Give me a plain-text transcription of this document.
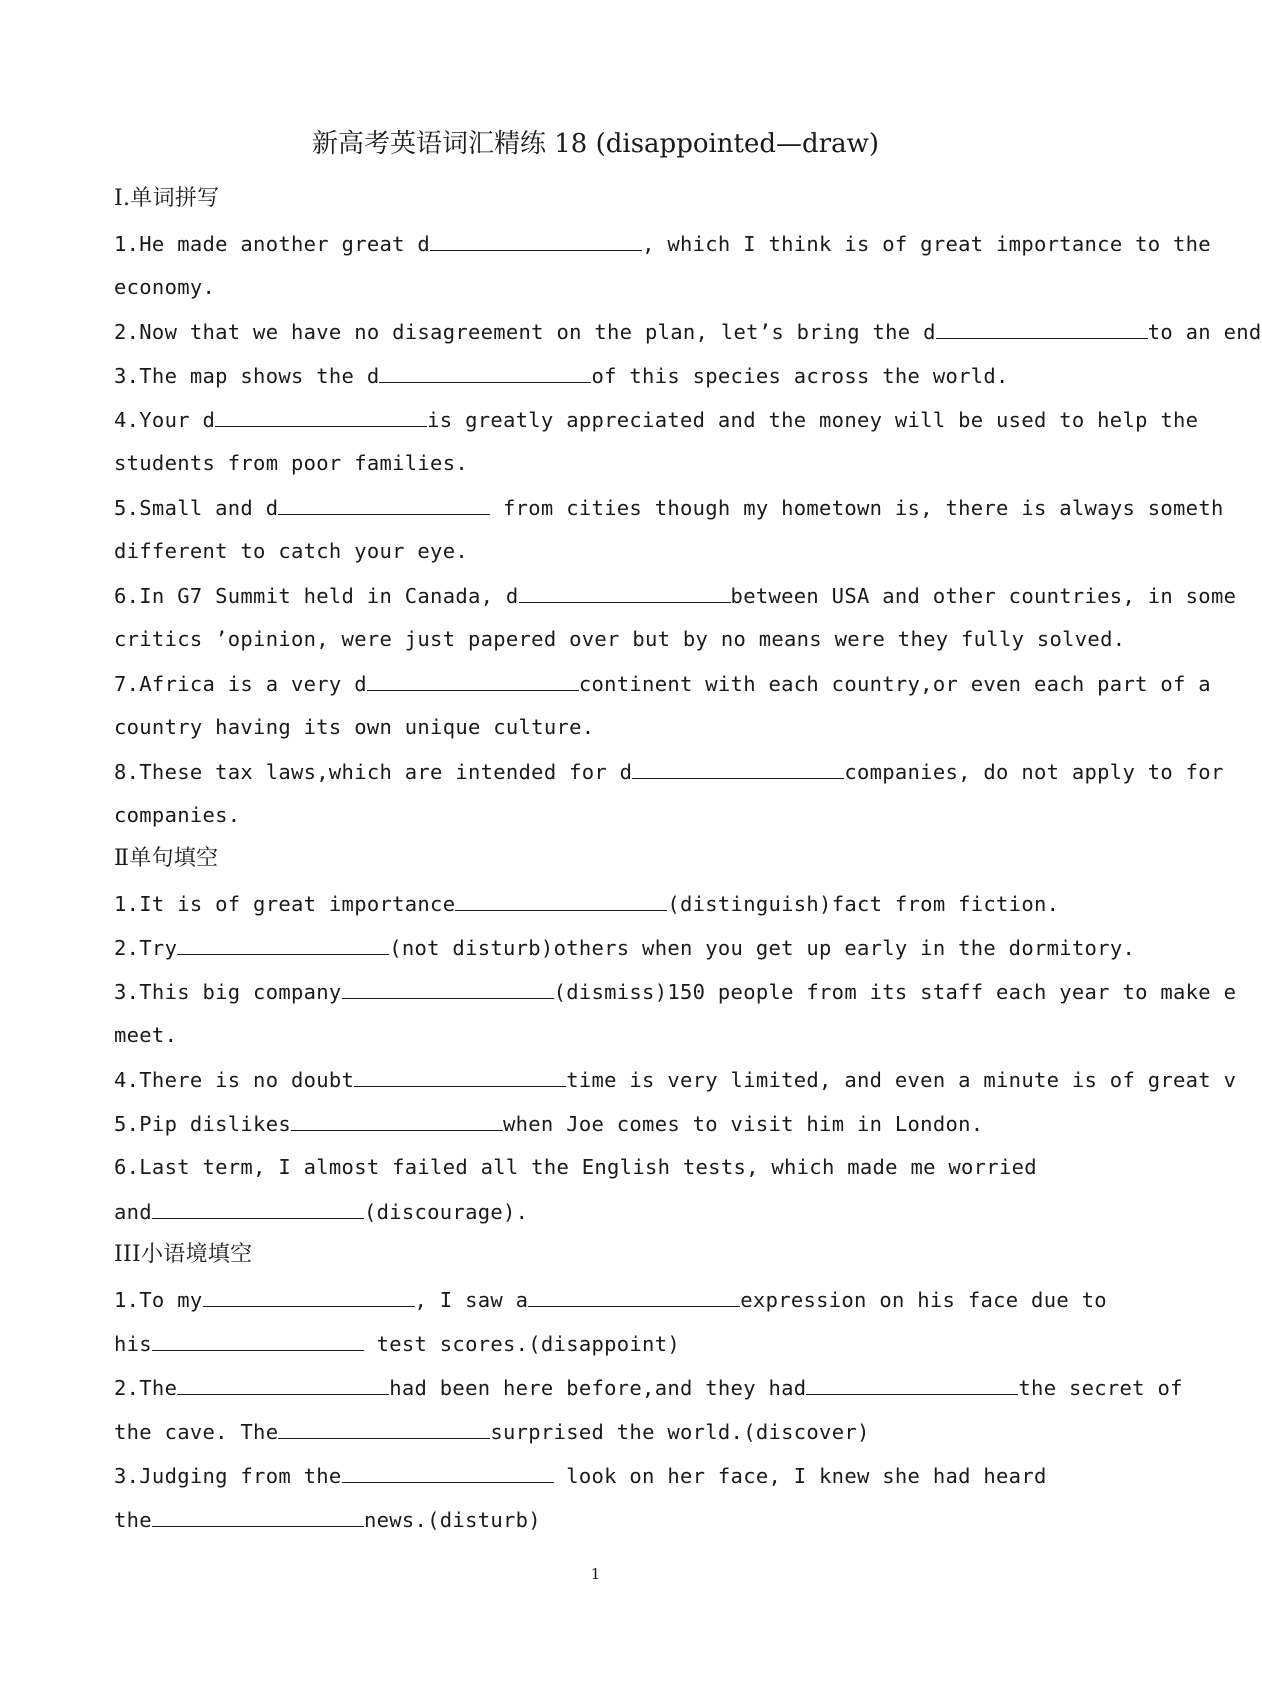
新高考英语词汇精练 18 (disappointed—draw)
I.单词拼写
1.He made another great d	, which I think is of great importance to the
economy.
2.Now that we have no disagreement on the plan, let’s bring the d	to an end
3.The map shows the d	of this species across the world.
4.Your d	is greatly appreciated and the money will be used to help the
students from poor families.
5.Small and d	from cities though my hometown is, there is always someth
different to catch your eye.
6.In G7 Summit held in Canada, d	between USA and other countries, in some
critics ’opinion, were just papered over but by no means were they fully solved.
7.Africa is a very d	continent with each country,or even each part of a
country having its own unique culture.
8.These tax laws,which are intended for d	companies, do not apply to for
companies.
Ⅱ单句填空
1.It is of great importance	(distinguish)fact from fiction.
2.Try	(not disturb)others when you get up early in the dormitory.
3.This big company	(dismiss)150 people from its staff each year to make e
meet.
4.There is no doubt	time is very limited, and even a minute is of great v
5.Pip dislikes	when Joe comes to visit him in London.
6.Last term, I almost failed all the English tests, which made me worried
and	(discourage).
III小语境填空
1.To my	, I saw a	expression on his face due to
his	test scores.(disappoint)
2.The	had been here before,and they had	the secret of
the cave. The	surprised the world.(discover)
3.Judging from the	look on her face, I knew she had heard
the	news.(disturb)
1
